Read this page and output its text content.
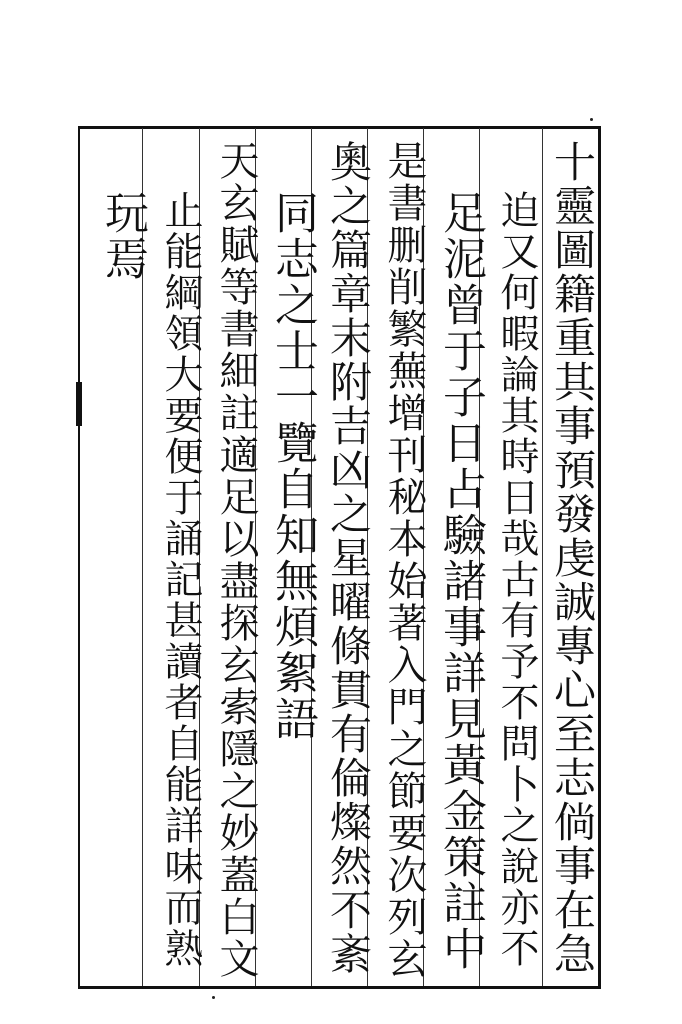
十靈圖籍重其事預發虔誠專心至志倘事在急
迫又何暇論其時日哉古有予不問卜之說亦不
足泥曾于子日占驗諸事詳見黃金策註中
是書删削繁蕪增刊秘本始著入門之節要次列玄
奧之篇章末附吉凶之星曜條貫有倫燦然不紊
同志之士一覽自知無煩絮語
天玄賦等書細註適足以盡探玄索隱之妙蓋白文
止能綱領大要便于誦記甚讀者自能詳味而熟
玩焉
